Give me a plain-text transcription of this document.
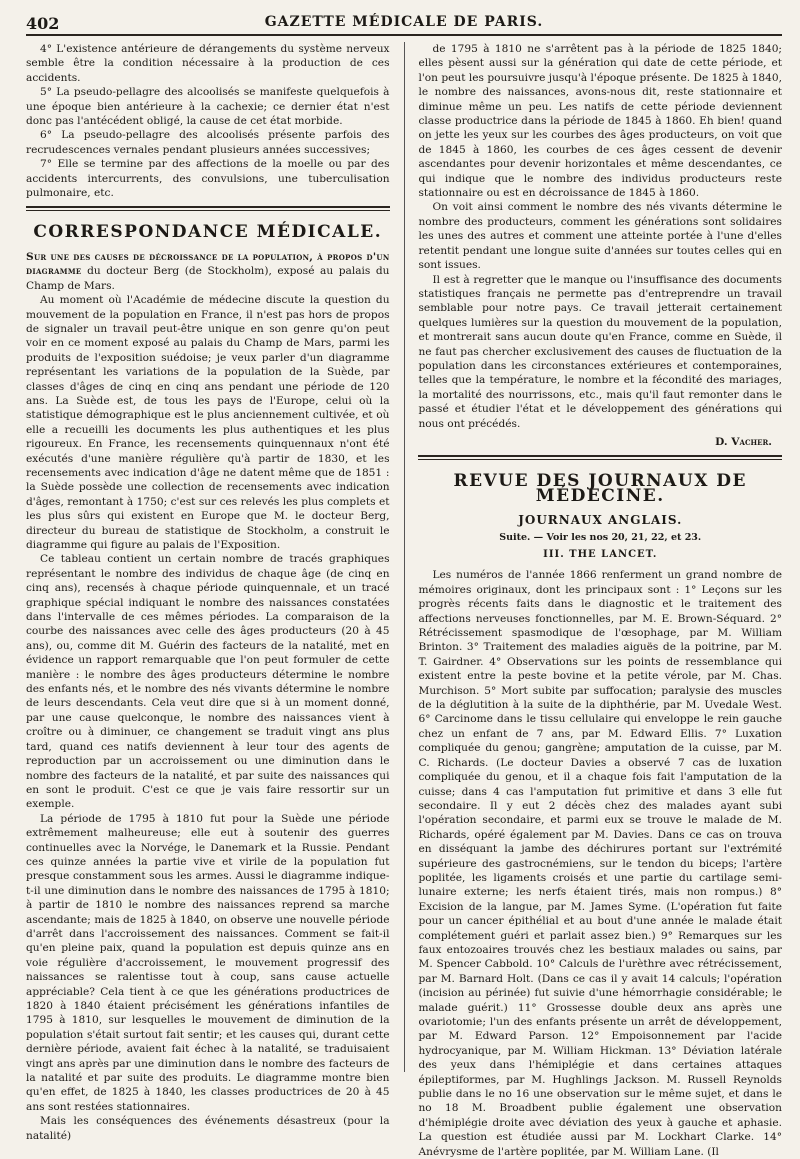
402	GAZETTE MÉDICALE DE PARIS.

4° L'existence antérieure de dérangements du système nerveux semble être la condition nécessaire à la production de ces accidents.

5° La pseudo-pellagre des alcoolisés se manifeste quelquefois à une époque bien antérieure à la cachexie; ce dernier état n'est donc pas l'antécédent obligé, la cause de cet état morbide.

6° La pseudo-pellagre des alcoolisés présente parfois des recrudescences vernales pendant plusieurs années successives;

7° Elle se termine par des affections de la moelle ou par des accidents intercurrents, des convulsions, une tuberculisation pulmonaire, etc.

CORRESPONDANCE MÉDICALE.

Sur une des causes de décroissance de la population, à propos d'un diagramme du docteur Berg (de Stockholm), exposé au palais du Champ de Mars.

Au moment où l'Académie de médecine discute la question du mouvement de la population en France, il n'est pas hors de propos de signaler un travail peut-être unique en son genre qu'on peut voir en ce moment exposé au palais du Champ de Mars, parmi les produits de l'exposition suédoise; je veux parler d'un diagramme représentant les variations de la population de la Suède, par classes d'âges de cinq en cinq ans pendant une période de 120 ans. La Suède est, de tous les pays de l'Europe, celui où la statistique démographique est le plus anciennement cultivée, et où elle a recueilli les documents les plus authentiques et les plus rigoureux. En France, les recensements quinquennaux n'ont été exécutés d'une manière régulière qu'à partir de 1830, et les recensements avec indication d'âge ne datent même que de 1851 : la Suède possède une collection de recensements avec indication d'âges, remontant à 1750; c'est sur ces relevés les plus complets et les plus sûrs qui existent en Europe que M. le docteur Berg, directeur du bureau de statistique de Stockholm, a construit le diagramme qui figure au palais de l'Exposition.

Ce tableau contient un certain nombre de tracés graphiques représentant le nombre des individus de chaque âge (de cinq en cinq ans), recensés à chaque période quinquennale, et un tracé graphique spécial indiquant le nombre des naissances constatées dans l'intervalle de ces mêmes périodes. La comparaison de la courbe des naissances avec celle des âges producteurs (20 à 45 ans), ou, comme dit M. Guérin des facteurs de la natalité, met en évidence un rapport remarquable que l'on peut formuler de cette manière : le nombre des âges producteurs détermine le nombre des enfants nés, et le nombre des nés vivants détermine le nombre de leurs descendants. Cela veut dire que si à un moment donné, par une cause quelconque, le nombre des naissances vient à croître ou à diminuer, ce changement se traduit vingt ans plus tard, quand ces natifs deviennent à leur tour des agents de reproduction par un accroissement ou une diminution dans le nombre des facteurs de la natalité, et par suite des naissances qui en sont le produit. C'est ce que je vais faire ressortir sur un exemple.

La période de 1795 à 1810 fut pour la Suède une période extrêmement malheureuse; elle eut à soutenir des guerres continuelles avec la Norvége, le Danemark et la Russie. Pendant ces quinze années la partie vive et virile de la population fut presque constamment sous les armes. Aussi le diagramme indique-t-il une diminution dans le nombre des naissances de 1795 à 1810; à partir de 1810 le nombre des naissances reprend sa marche ascendante; mais de 1825 à 1840, on observe une nouvelle période d'arrêt dans l'accroissement des naissances. Comment se fait-il qu'en pleine paix, quand la population est depuis quinze ans en voie régulière d'accroissement, le mouvement progressif des naissances se ralentisse tout à coup, sans cause actuelle appréciable? Cela tient à ce que les générations productrices de 1820 à 1840 étaient précisément les générations infantiles de 1795 à 1810, sur lesquelles le mouvement de diminution de la population s'était surtout fait sentir; et les causes qui, durant cette dernière période, avaient fait échec à la natalité, se traduisaient vingt ans après par une diminution dans le nombre des facteurs de la natalité et par suite des produits. Le diagramme montre bien qu'en effet, de 1825 à 1840, les classes productrices de 20 à 45 ans sont restées stationnaires.

Mais les conséquences des événements désastreux (pour la natalité)

de 1795 à 1810 ne s'arrêtent pas à la période de 1825 1840; elles pèsent aussi sur la génération qui date de cette période, et l'on peut les poursuivre jusqu'à l'époque présente. De 1825 à 1840, le nombre des naissances, avons-nous dit, reste stationnaire et diminue même un peu. Les natifs de cette période deviennent classe productrice dans la période de 1845 à 1860. Eh bien! quand on jette les yeux sur les courbes des âges producteurs, on voit que de 1845 à 1860, les courbes de ces âges cessent de devenir ascendantes pour devenir horizontales et même descendantes, ce qui indique que le nombre des individus producteurs reste stationnaire ou est en décroissance de 1845 à 1860.

On voit ainsi comment le nombre des nés vivants détermine le nombre des producteurs, comment les générations sont solidaires les unes des autres et comment une atteinte portée à l'une d'elles retentit pendant une longue suite d'années sur toutes celles qui en sont issues.

Il est à regretter que le manque ou l'insuffisance des documents statistiques français ne permette pas d'entreprendre un travail semblable pour notre pays. Ce travail jetterait certainement quelques lumières sur la question du mouvement de la population, et montrerait sans aucun doute qu'en France, comme en Suède, il ne faut pas chercher exclusivement des causes de fluctuation de la population dans les circonstances extérieures et contemporaines, telles que la température, le nombre et la fécondité des mariages, la mortalité des nourrissons, etc., mais qu'il faut remonter dans le passé et étudier l'état et le développement des générations qui nous ont précédés.

D. Vacher.
REVUE DES JOURNAUX DE MÉDECINE.
JOURNAUX ANGLAIS.
Suite. — Voir les nos 20, 21, 22, et 23.
III. THE LANCET.

Les numéros de l'année 1866 renferment un grand nombre de mémoires originaux, dont les principaux sont : 1° Leçons sur les progrès récents faits dans le diagnostic et le traitement des affections nerveuses fonctionnelles, par M. E. Brown-Séquard. 2° Rétrécissement spasmodique de l'œsophage, par M. William Brinton. 3° Traitement des maladies aiguës de la poitrine, par M. T. Gairdner. 4° Observations sur les points de ressemblance qui existent entre la peste bovine et la petite vérole, par M. Chas. Murchison. 5° Mort subite par suffocation; paralysie des muscles de la déglutition à la suite de la diphthérie, par M. Uvedale West. 6° Carcinome dans le tissu cellulaire qui enveloppe le rein gauche chez un enfant de 7 ans, par M. Edward Ellis. 7° Luxation compliquée du genou; gangrène; amputation de la cuisse, par M. C. Richards. (Le docteur Davies a observé 7 cas de luxation compliquée du genou, et il a chaque fois fait l'amputation de la cuisse; dans 4 cas l'amputation fut primitive et dans 3 elle fut secondaire. Il y eut 2 décès chez des malades ayant subi l'opération secondaire, et parmi eux se trouve le malade de M. Richards, opéré également par M. Davies. Dans ce cas on trouva en disséquant la jambe des déchirures portant sur l'extrémité supérieure des gastrocnémiens, sur le tendon du biceps; l'artère poplitée, les ligaments croisés et une partie du cartilage semi-lunaire externe; les nerfs étaient tirés, mais non rompus.) 8° Excision de la langue, par M. James Syme. (L'opération fut faite pour un cancer épithélial et au bout d'une année le malade était complétement guéri et parlait assez bien.) 9° Remarques sur les faux entozoaires trouvés chez les bestiaux malades ou sains, par M. Spencer Cabbold. 10° Calculs de l'urèthre avec rétrécissement, par M. Barnard Holt. (Dans ce cas il y avait 14 calculs; l'opération (incision au périnée) fut suivie d'une hémorrhagie considérable; le malade guérit.) 11° Grossesse double deux ans après une ovariotomie; l'un des enfants présente un arrêt de développement, par M. Edward Parson. 12° Empoisonnement par l'acide hydrocyanique, par M. William Hickman. 13° Déviation latérale des yeux dans l'hémiplégie et dans certaines attaques épileptiformes, par M. Hughlings Jackson. M. Russell Reynolds publie dans le no 16 une observation sur le même sujet, et dans le no 18 M. Broadbent publie également une observation d'hémiplégie droite avec déviation des yeux à gauche et aphasie. La question est étudiée aussi par M. Lockhart Clarke. 14° Anévrysme de l'artère poplitée, par M. William Lane. (Il
